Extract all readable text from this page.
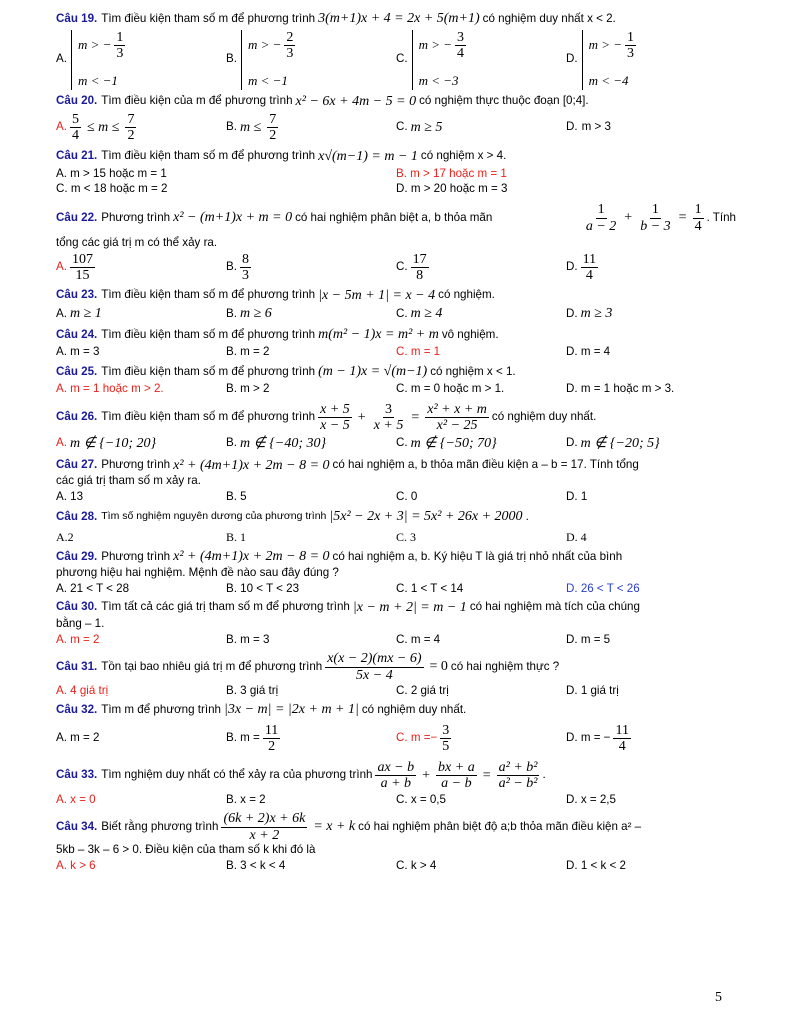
Câu 19. Tìm điều kiện tham số m để phương trình 3(m+1)x + 4 = 2x + 5(m+1) có nghiệm duy nhất x < 2.
A.
m > − $\frac{1}{3}$
m < −1
B.
m > − $\frac{2}{3}$
m < −1
C.
m > − $\frac{3}{4}$
m < −3
D.
m > − $\frac{1}{3}$
m < −4
Câu 20. Tìm điều kiện của m để phương trình x² − 6x + 4m − 5 = 0 có nghiệm thực thuộc đoạn [0;4].
A. $\frac{5}{4} \le m \le \frac{7}{2}$	B. $m \le \frac{7}{2}$	C. m ≥ 5	D. m > 3
Câu 21. Tìm điều kiện tham số m để phương trình x√(m−1) = m − 1 có nghiệm x > 4.
A. m > 15 hoặc m = 1	B. m > 17 hoặc m = 1
C. m < 18 hoặc m = 2	D. m > 20 hoặc m = 3
Câu 22. Phương trình x² − (m+1)x + m = 0 có hai nghiệm phân biệt a, b thỏa mãn	$\frac{1}{a - 2} + \frac{1}{b - 3} = \frac{1}{4}$ . Tính
tổng các giá trị m có thể xảy ra.
A. $\frac{107}{15}$	B. $\frac{8}{3}$	C. $\frac{17}{8}$	D. $\frac{11}{4}$
Câu 23. Tìm điều kiện tham số m để phương trình |x − 5m + 1| = x − 4 có nghiệm.
A. m ≥ 1	B. m ≥ 6	C. m ≥ 4	D. m ≥ 3
Câu 24. Tìm điều kiện tham số m để phương trình m(m² − 1)x = m² + m vô nghiệm.
A. m = 3	B. m = 2	C. m = 1	D. m = 4
Câu 25. Tìm điều kiện tham số m để phương trình (m − 1)x = √(m−1) có nghiệm x < 1.
A. m = 1 hoặc m > 2.	B. m > 2	C. m = 0 hoặc m > 1.	D. m = 1 hoặc m > 3.
Câu 26. Tìm điều kiện tham số m để phương trình $\frac{x + 5}{x - 5} + \frac{3}{x + 5} = \frac{\text{x² + x + m}}{\text{x² − 25}}$ có nghiệm duy nhất.
A. m ∉ {−10; 20}	B. m ∉ {−40; 30}	C. m ∉ {−50; 70}	D. m ∉ {−20; 5}
Câu 27. Phương trình x² + (4m+1)x + 2m − 8 = 0 có hai nghiệm a, b thỏa mãn điều kiện a – b = 17. Tính tổng
các giá trị tham số m xảy ra.
A. 13	B. 5	C. 0	D. 1
Câu 28. Tìm số nghiệm nguyên dương của phương trình |5x² − 2x + 3| = 5x² + 26x + 2000 .
A.2	B. 1	C. 3	D. 4
Câu 29. Phương trình x² + (4m+1)x + 2m − 8 = 0 có hai nghiệm a, b. Ký hiệu T là giá trị nhỏ nhất của bình
phương hiệu hai nghiệm. Mệnh đề nào sau đây đúng ?
A. 21 < T < 28	B. 10 < T < 23	C. 1 < T < 14	D. 26 < T < 26
Câu 30. Tìm tất cả các giá trị tham số m để phương trình |x − m + 2| = m − 1 có hai nghiệm mà tích của chúng
bằng – 1.
A. m = 2	B. m = 3	C. m = 4	D. m = 5
Câu 31. Tồn tại bao nhiêu giá trị m để phương trình $\frac{x(x - 2)(mx - 6)}{5x - 4} = 0$ có hai nghiệm thực ?
A. 4 giá trị	B. 3 giá trị	C. 2 giá trị	D. 1 giá trị
Câu 32. Tìm m để phương trình |3x − m| = |2x + m + 1| có nghiệm duy nhất.
A. m = 2	B. $m = \frac{11}{2}$	C. $m =- \frac{3}{5}$	D. m = − $\frac{11}{4}$
Câu 33. Tìm nghiệm duy nhất có thể xảy ra của phương trình $\frac{ax - b}{a + b} + \frac{bx + a}{a - b} = \frac{\text{a² + b²}}{\text{a² − b²}}$ .
A. x = 0	B. x = 2	C. x = 0,5	D. x = 2,5
Câu 34. Biết rằng phương trình $\frac{(6k + 2)x + 6k}{x + 2} = x + k$ có hai nghiệm phân biệt độ a;b thỏa mãn điều kiện a² –
5kb – 3k – 6 > 0. Điều kiện của tham số k khi đó là
A. k > 6	B. 3 < k < 4	C. k > 4	D. 1 < k < 2
5
